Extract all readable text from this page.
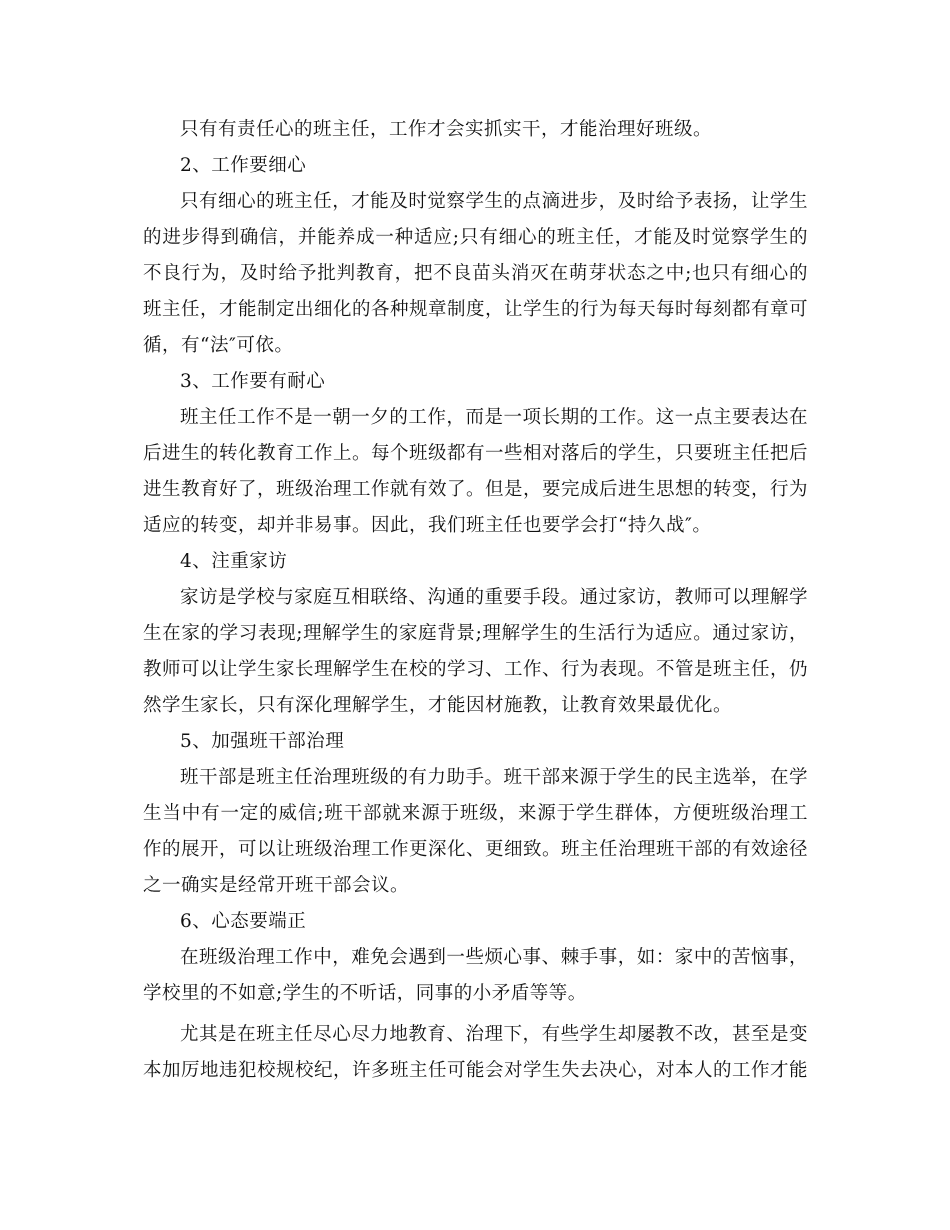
只有有责任心的班主任，工作才会实抓实干，才能治理好班级。

2、工作要细心

只有细心的班主任，才能及时觉察学生的点滴进步，及时给予表扬，让学生的进步得到确信，并能养成一种适应;只有细心的班主任，才能及时觉察学生的不良行为，及时给予批判教育，把不良苗头消灭在萌芽状态之中;也只有细心的班主任，才能制定出细化的各种规章制度，让学生的行为每天每时每刻都有章可循，有“法″可依。

3、工作要有耐心

班主任工作不是一朝一夕的工作，而是一项长期的工作。这一点主要表达在后进生的转化教育工作上。每个班级都有一些相对落后的学生，只要班主任把后进生教育好了，班级治理工作就有效了。但是，要完成后进生思想的转变，行为适应的转变，却并非易事。因此，我们班主任也要学会打“持久战″。

4、注重家访

家访是学校与家庭互相联络、沟通的重要手段。通过家访，教师可以理解学生在家的学习表现;理解学生的家庭背景;理解学生的生活行为适应。通过家访，教师可以让学生家长理解学生在校的学习、工作、行为表现。不管是班主任，仍然学生家长，只有深化理解学生，才能因材施教，让教育效果最优化。

5、加强班干部治理

班干部是班主任治理班级的有力助手。班干部来源于学生的民主选举，在学生当中有一定的威信;班干部就来源于班级，来源于学生群体，方便班级治理工作的展开，可以让班级治理工作更深化、更细致。班主任治理班干部的有效途径之一确实是经常开班干部会议。

6、心态要端正

在班级治理工作中，难免会遇到一些烦心事、棘手事，如：家中的苦恼事，学校里的不如意;学生的不听话，同事的小矛盾等等。

尤其是在班主任尽心尽力地教育、治理下，有些学生却屡教不改，甚至是变本加厉地违犯校规校纪，许多班主任可能会对学生失去决心，对本人的工作才能
